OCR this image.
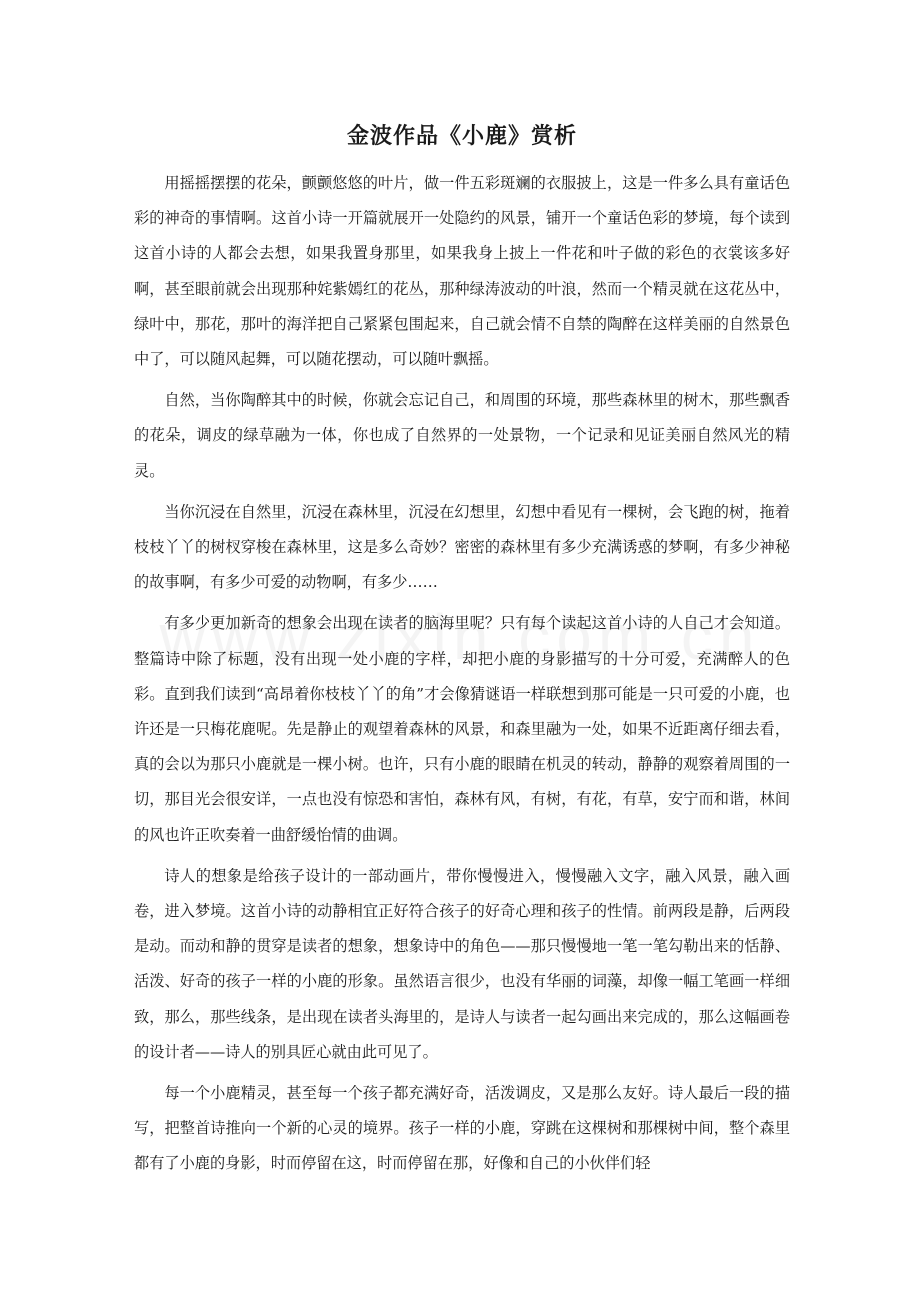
金波作品《小鹿》赏析

用摇摇摆摆的花朵，颤颤悠悠的叶片，做一件五彩斑斓的衣服披上，这是一件多么具有童话色彩的神奇的事情啊。这首小诗一开篇就展开一处隐约的风景，铺开一个童话色彩的梦境，每个读到这首小诗的人都会去想，如果我置身那里，如果我身上披上一件花和叶子做的彩色的衣裳该多好啊，甚至眼前就会出现那种姹紫嫣红的花丛，那种绿涛波动的叶浪，然而一个精灵就在这花丛中，绿叶中，那花，那叶的海洋把自己紧紧包围起来，自己就会情不自禁的陶醉在这样美丽的自然景色中了，可以随风起舞，可以随花摆动，可以随叶飘摇。

自然，当你陶醉其中的时候，你就会忘记自己，和周围的环境，那些森林里的树木，那些飘香的花朵，调皮的绿草融为一体，你也成了自然界的一处景物，一个记录和见证美丽自然风光的精灵。

当你沉浸在自然里，沉浸在森林里，沉浸在幻想里，幻想中看见有一棵树，会飞跑的树，拖着枝枝丫丫的树杈穿梭在森林里，这是多么奇妙？密密的森林里有多少充满诱惑的梦啊，有多少神秘的故事啊，有多少可爱的动物啊，有多少……

有多少更加新奇的想象会出现在读者的脑海里呢？只有每个读起这首小诗的人自己才会知道。整篇诗中除了标题，没有出现一处小鹿的字样，却把小鹿的身影描写的十分可爱，充满醉人的色彩。直到我们读到“高昂着你枝枝丫丫的角”才会像猜谜语一样联想到那可能是一只可爱的小鹿，也许还是一只梅花鹿呢。先是静止的观望着森林的风景，和森里融为一处，如果不近距离仔细去看，真的会以为那只小鹿就是一棵小树。也许，只有小鹿的眼睛在机灵的转动，静静的观察着周围的一切，那目光会很安详，一点也没有惊恐和害怕，森林有风，有树，有花，有草，安宁而和谐，林间的风也许正吹奏着一曲舒缓怡情的曲调。

诗人的想象是给孩子设计的一部动画片，带你慢慢进入，慢慢融入文字，融入风景，融入画卷，进入梦境。这首小诗的动静相宜正好符合孩子的好奇心理和孩子的性情。前两段是静，后两段是动。而动和静的贯穿是读者的想象，想象诗中的角色——那只慢慢地一笔一笔勾勒出来的恬静、活泼、好奇的孩子一样的小鹿的形象。虽然语言很少，也没有华丽的词藻，却像一幅工笔画一样细致，那么，那些线条，是出现在读者头海里的，是诗人与读者一起勾画出来完成的，那么这幅画卷的设计者——诗人的别具匠心就由此可见了。

每一个小鹿精灵，甚至每一个孩子都充满好奇，活泼调皮，又是那么友好。诗人最后一段的描写，把整首诗推向一个新的心灵的境界。孩子一样的小鹿，穿跳在这棵树和那棵树中间，整个森里都有了小鹿的身影，时而停留在这，时而停留在那，好像和自己的小伙伴们轻
